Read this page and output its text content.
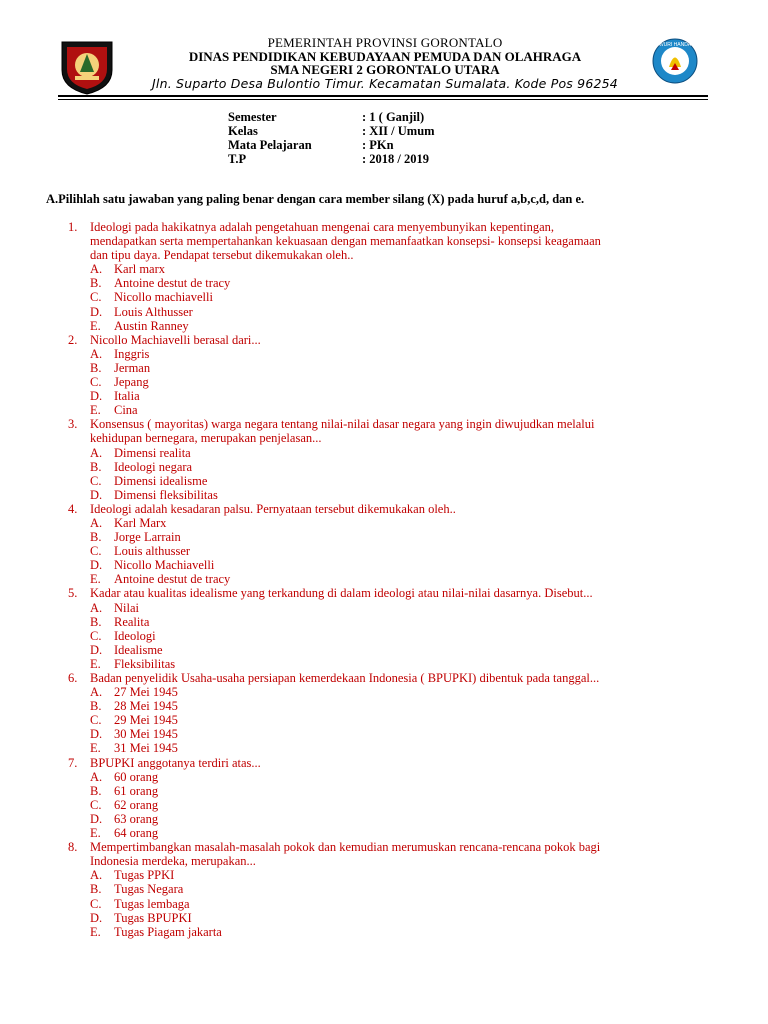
PEMERINTAH PROVINSI GORONTALO
DINAS PENDIDIKAN KEBUDAYAAN PEMUDA DAN OLAHRAGA
SMA NEGERI 2 GORONTALO UTARA
Jln. Suparto Desa Bulontio Timur. Kecamatan Sumalata. Kode Pos 96254
TUT WURI HANDAYANI
Semester	: 1 ( Ganjil)
Kelas	: XII / Umum
Mata Pelajaran	: PKn
T.P	: 2018 / 2019
A.Pilihlah satu jawaban yang paling benar dengan cara member silang (X) pada huruf a,b,c,d, dan e.
1.	Ideologi pada hakikatnya adalah pengetahuan mengenai cara menyembunyikan kepentingan,
mendapatkan serta mempertahankan kekuasaan dengan memanfaatkan konsepsi- konsepsi keagamaan
dan tipu daya. Pendapat tersebut dikemukakan oleh..
A. Karl marx
B. Antoine destut de tracy
C. Nicollo machiavelli
D. Louis Althusser
E. Austin Ranney
2.	Nicollo Machiavelli berasal dari...
A. Inggris
B. Jerman
C. Jepang
D. Italia
E. Cina
3.	Konsensus ( mayoritas) warga negara tentang nilai-nilai dasar negara yang ingin diwujudkan melalui
kehidupan bernegara, merupakan penjelasan...
A. Dimensi realita
B. Ideologi negara
C. Dimensi idealisme
D. Dimensi fleksibilitas
4.	Ideologi adalah kesadaran palsu. Pernyataan tersebut dikemukakan oleh..
A. Karl Marx
B. Jorge Larrain
C. Louis althusser
D. Nicollo Machiavelli
E. Antoine destut de tracy
5.	Kadar atau kualitas idealisme yang terkandung di dalam ideologi atau nilai-nilai dasarnya. Disebut...
A. Nilai
B. Realita
C. Ideologi
D. Idealisme
E. Fleksibilitas
6.	Badan penyelidik Usaha-usaha persiapan kemerdekaan Indonesia ( BPUPKI) dibentuk pada tanggal...
A. 27 Mei 1945
B. 28 Mei 1945
C. 29 Mei 1945
D. 30 Mei 1945
E. 31 Mei 1945
7.	BPUPKI anggotanya terdiri atas...
A. 60 orang
B. 61 orang
C. 62 orang
D. 63 orang
E. 64 orang
8.	Mempertimbangkan masalah-masalah pokok dan kemudian merumuskan rencana-rencana pokok bagi
Indonesia merdeka, merupakan...
A. Tugas PPKI
B. Tugas Negara
C. Tugas lembaga
D. Tugas BPUPKI
E. Tugas Piagam jakarta
